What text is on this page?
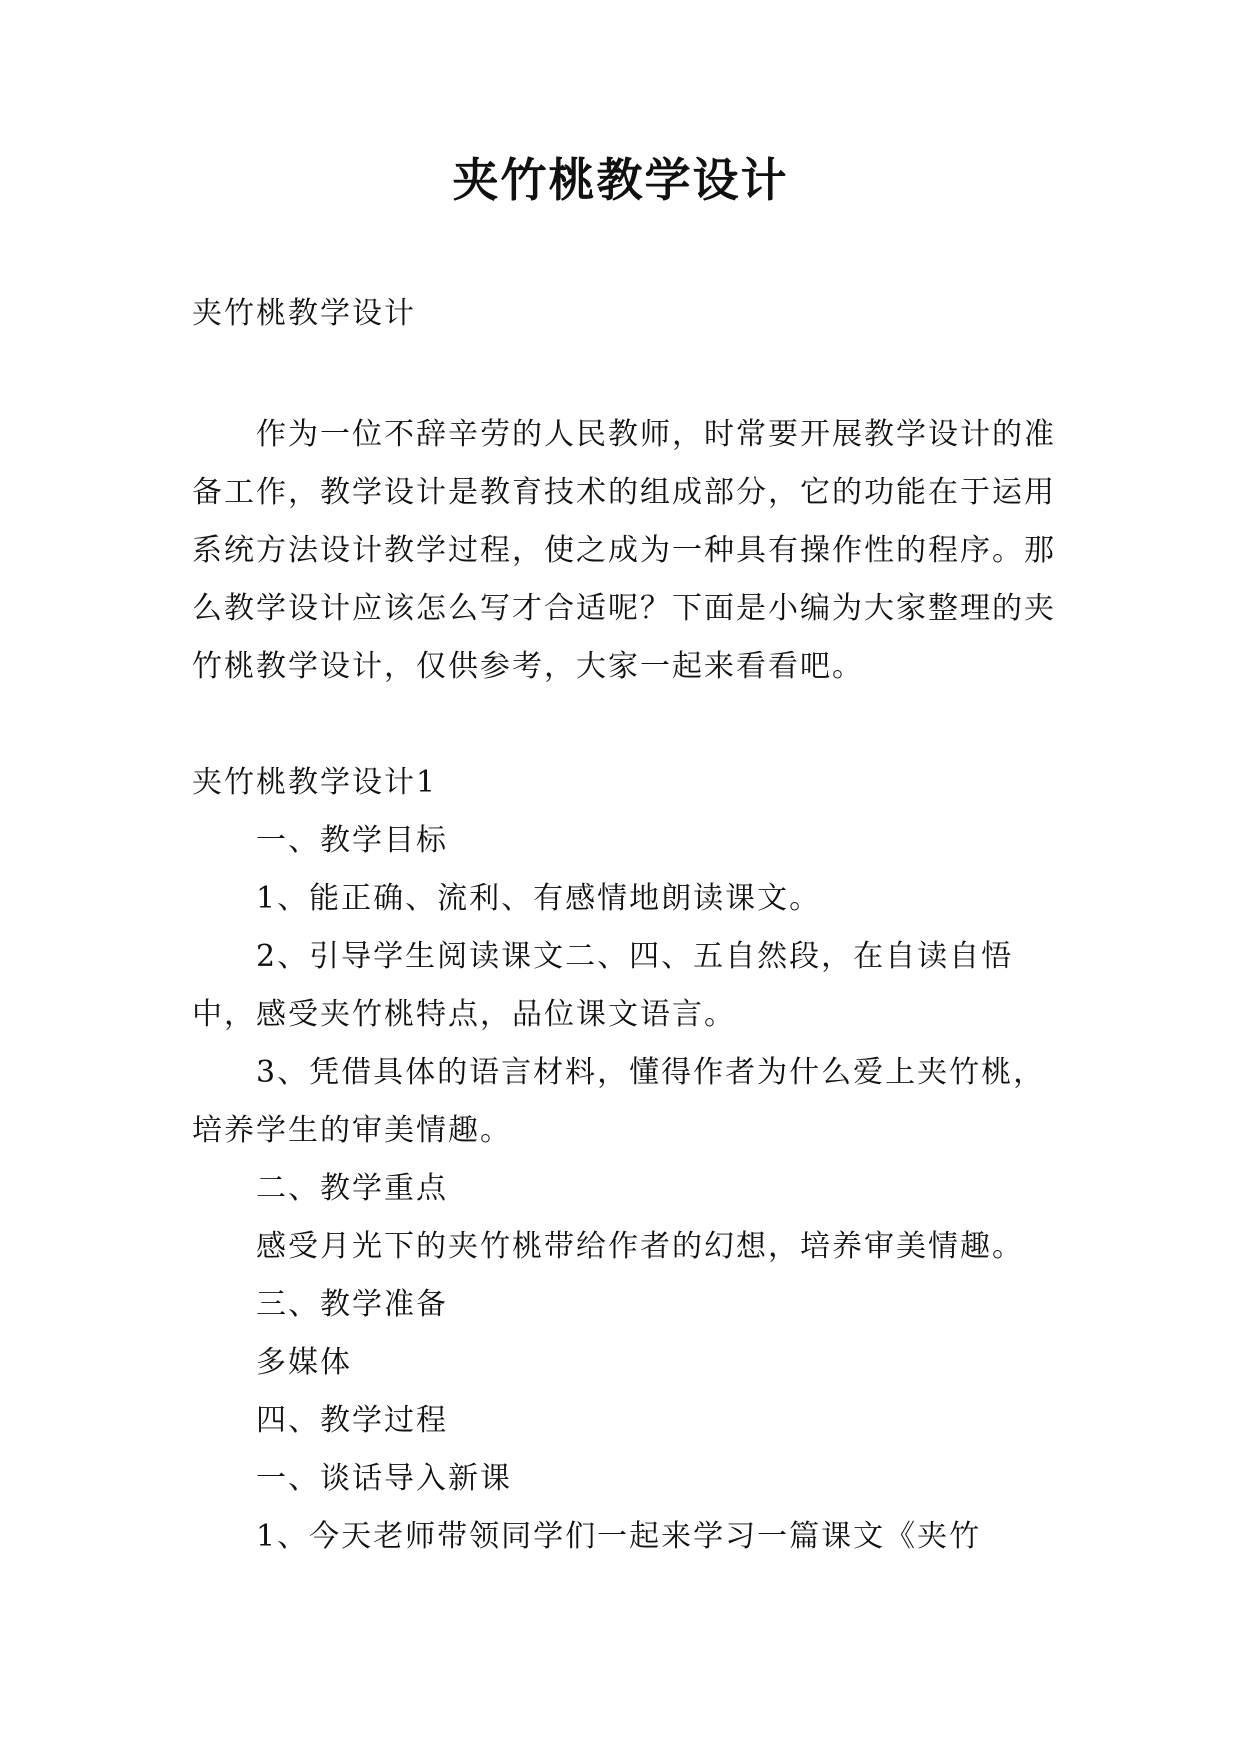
夹竹桃教学设计

夹竹桃教学设计

作为一位不辞辛劳的人民教师，时常要开展教学设计的准备工作，教学设计是教育技术的组成部分，它的功能在于运用系统方法设计教学过程，使之成为一种具有操作性的程序。那么教学设计应该怎么写才合适呢？下面是小编为大家整理的夹竹桃教学设计，仅供参考，大家一起来看看吧。

夹竹桃教学设计1

一、教学目标

1、能正确、流利、有感情地朗读课文。

2、引导学生阅读课文二、四、五自然段，在自读自悟中，感受夹竹桃特点，品位课文语言。

3、凭借具体的语言材料，懂得作者为什么爱上夹竹桃，培养学生的审美情趣。

二、教学重点

感受月光下的夹竹桃带给作者的幻想，培养审美情趣。

三、教学准备

多媒体

四、教学过程

一、谈话导入新课

1、今天老师带领同学们一起来学习一篇课文《夹竹
